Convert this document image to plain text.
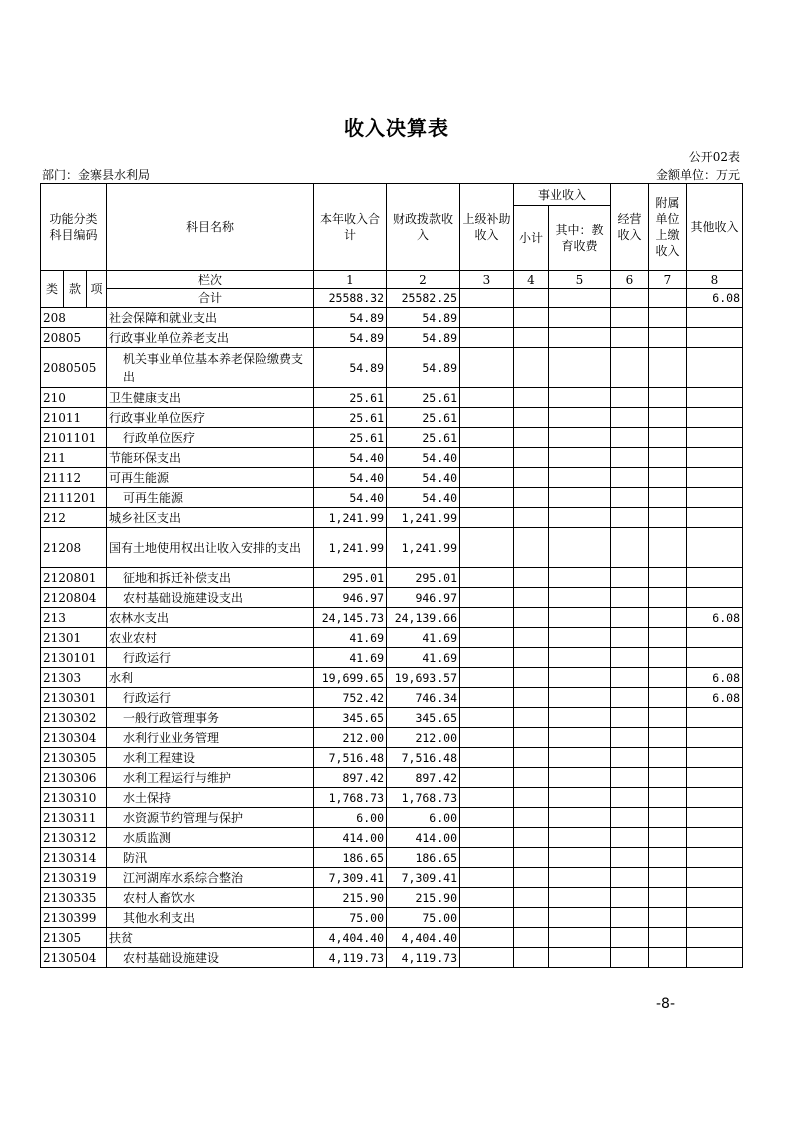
收入决算表
公开02表
部门：金寨县水利局	金额单位：万元
功能分类科目编码			科目名称	本年收入合计	财政拨款收入	上级补助收入	事业收入		经营收入	附属单位上缴收入	其他收入
							小计	其中：教育收费			

类	款	项	栏次	1	2	3	4	5	6	7	8
			合计	25588.32	25582.25						6.08
208			社会保障和就业支出	54.89	54.89						
20805			行政事业单位养老支出	54.89	54.89						
2080505			机关事业单位基本养老保险缴费支出	54.89	54.89						
210			卫生健康支出	25.61	25.61						
21011			行政事业单位医疗	25.61	25.61						
2101101			行政单位医疗	25.61	25.61						
211			节能环保支出	54.40	54.40						
21112			可再生能源	54.40	54.40						
2111201			可再生能源	54.40	54.40						
212			城乡社区支出	1,241.99	1,241.99						
21208			国有土地使用权出让收入安排的支出	1,241.99	1,241.99						
2120801			征地和拆迁补偿支出	295.01	295.01						
2120804			农村基础设施建设支出	946.97	946.97						
213			农林水支出	24,145.73	24,139.66						6.08
21301			农业农村	41.69	41.69						
2130101			行政运行	41.69	41.69						
21303			水利	19,699.65	19,693.57						6.08
2130301			行政运行	752.42	746.34						6.08
2130302			一般行政管理事务	345.65	345.65						
2130304			水利行业业务管理	212.00	212.00						
2130305			水利工程建设	7,516.48	7,516.48						
2130306			水利工程运行与维护	897.42	897.42						
2130310			水土保持	1,768.73	1,768.73						
2130311			水资源节约管理与保护	6.00	6.00						
2130312			水质监测	414.00	414.00						
2130314			防汛	186.65	186.65						
2130319			江河湖库水系综合整治	7,309.41	7,309.41						
2130335			农村人畜饮水	215.90	215.90						
2130399			其他水利支出	75.00	75.00						
21305			扶贫	4,404.40	4,404.40						
2130504			农村基础设施建设	4,119.73	4,119.73						
-8-
